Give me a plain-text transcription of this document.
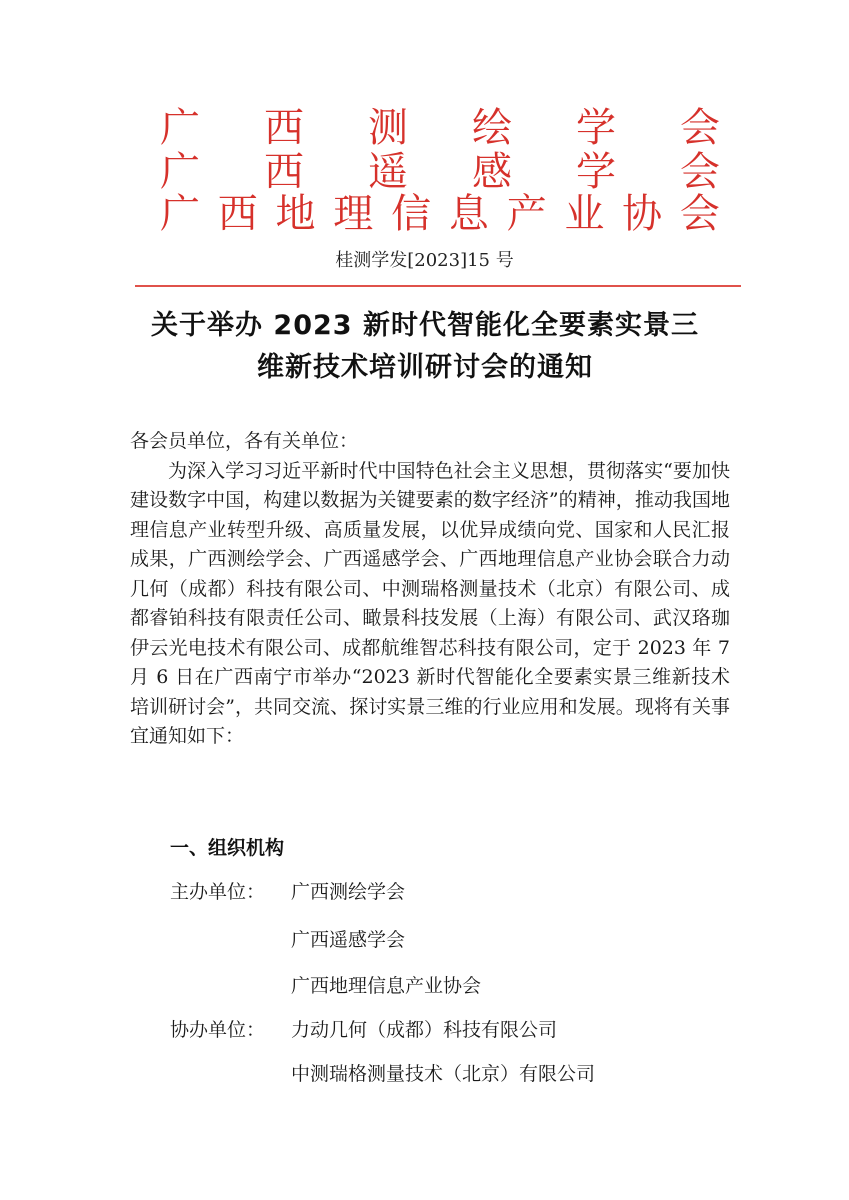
广 西 测 绘 学 会
广 西 遥 感 学 会
广 西 地 理 信 息 产 业 协 会
桂测学发[2023]15 号
关于举办 2023 新时代智能化全要素实景三
维新技术培训研讨会的通知

各会员单位，各有关单位：

为深入学习习近平新时代中国特色社会主义思想，贯彻落实“要加快建设数字中国，构建以数据为关键要素的数字经济”的精神，推动我国地理信息产业转型升级、高质量发展，以优异成绩向党、国家和人民汇报成果，广西测绘学会、广西遥感学会、广西地理信息产业协会联合力动几何（成都）科技有限公司、中测瑞格测量技术（北京）有限公司、成都睿铂科技有限责任公司、瞰景科技发展（上海）有限公司、武汉珞珈伊云光电技术有限公司、成都航维智芯科技有限公司，定于 2023 年 7 月 6 日在广西南宁市举办“2023 新时代智能化全要素实景三维新技术培训研讨会”，共同交流、探讨实景三维的行业应用和发展。现将有关事宜通知如下：

一、组织机构
主办单位： 广西测绘学会
广西遥感学会
广西地理信息产业协会
协办单位： 力动几何（成都）科技有限公司
中测瑞格测量技术（北京）有限公司
